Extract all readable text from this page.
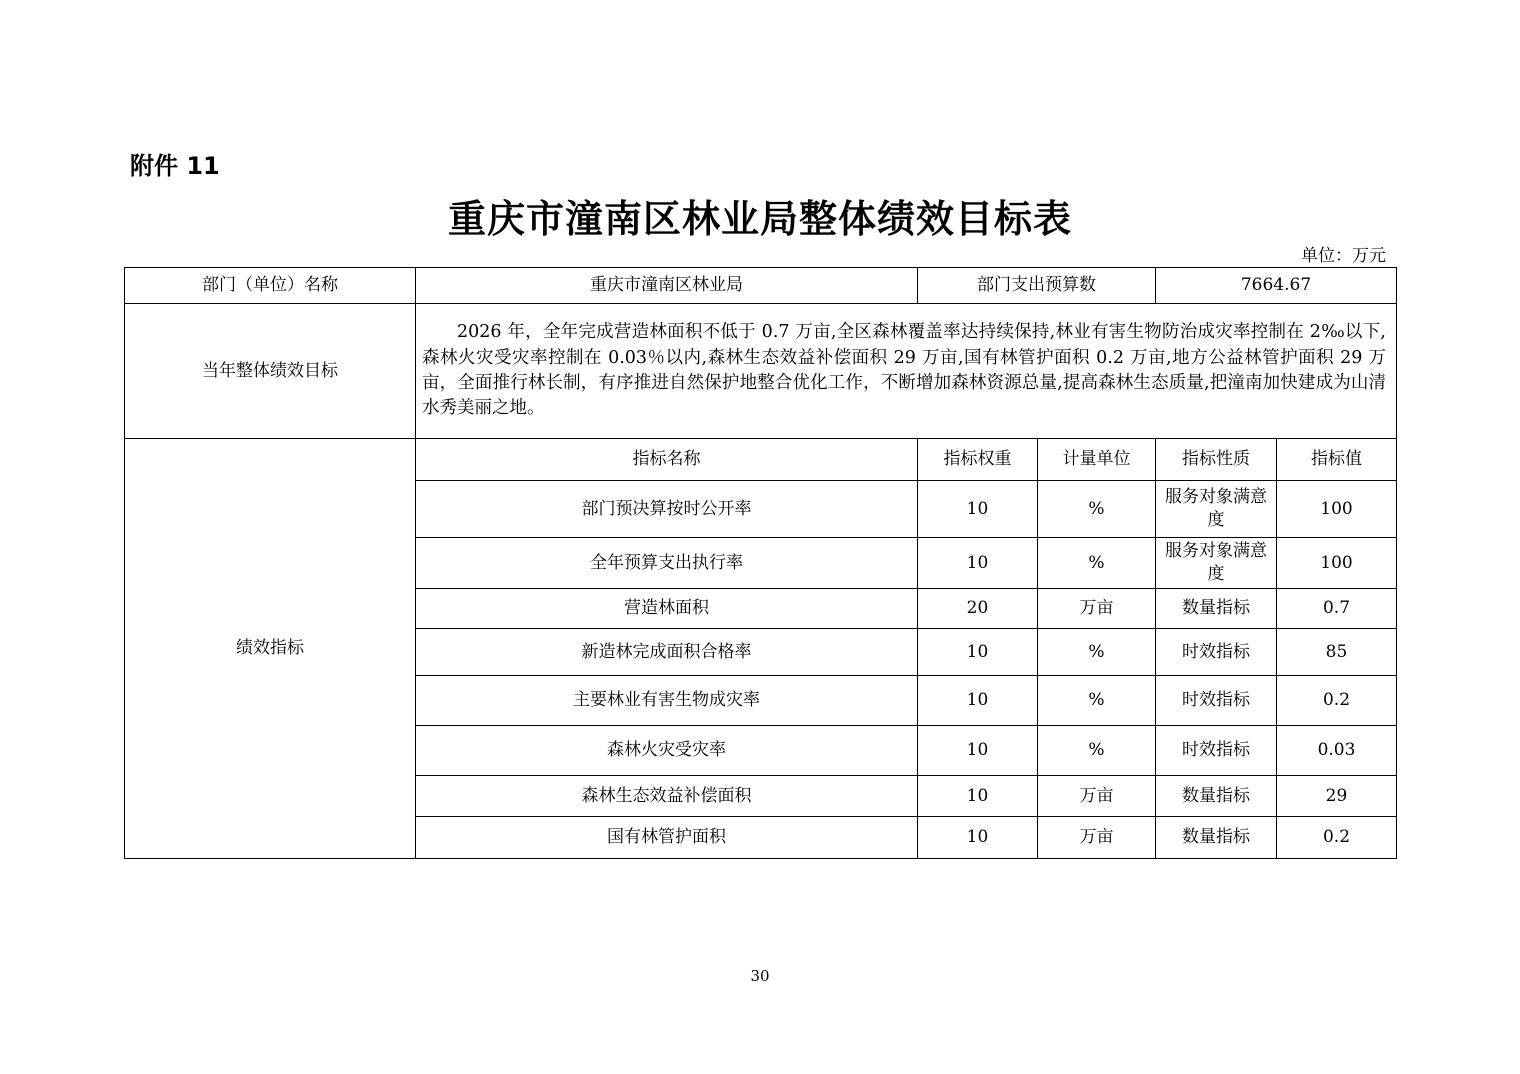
附件 11
重庆市潼南区林业局整体绩效目标表
单位：万元
部门（单位）名称	重庆市潼南区林业局	部门支出预算数		7664.67	
当年整体绩效目标	2026 年，全年完成营造林面积不低于 0.7 万亩,全区森林覆盖率达持续保持,林业有害生物防治成灾率控制在 2‰以下,森林火灾受灾率控制在 0.03％以内,森林生态效益补偿面积 29 万亩,国有林管护面积 0.2 万亩,地方公益林管护面积 29 万亩，全面推行林长制，有序推进自然保护地整合优化工作，不断增加森林资源总量,提高森林生态质量,把潼南加快建成为山清水秀美丽之地。				
绩效指标	指标名称	指标权重	计量单位	指标性质	指标值
	部门预决算按时公开率	10	%	服务对象满意度	100
	全年预算支出执行率	10	%	服务对象满意度	100
	营造林面积	20	万亩	数量指标	0.7
	新造林完成面积合格率	10	%	时效指标	85
	主要林业有害生物成灾率	10	%	时效指标	0.2
	森林火灾受灾率	10	%	时效指标	0.03
	森林生态效益补偿面积	10	万亩	数量指标	29
	国有林管护面积	10	万亩	数量指标	0.2
30
